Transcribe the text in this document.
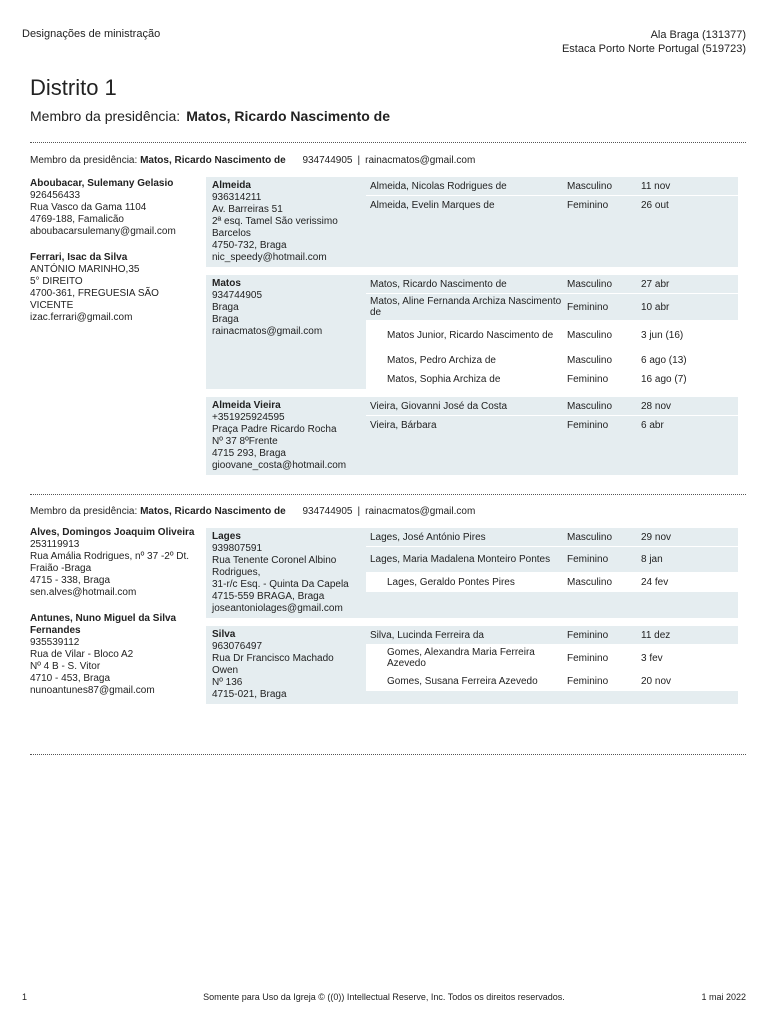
Designações de ministração	Ala Braga (131377)
Estaca Porto Norte Portugal (519723)
Distrito 1
Membro da presidência: Matos, Ricardo Nascimento de
Membro da presidência: Matos, Ricardo Nascimento de 934744905 | rainacmatos@gmail.com
Aboubacar, Sulemany Gelasio
926456433
Rua Vasco da Gama 1104
4769-188, Famalicão
aboubacarsulemany@gmail.com
Ferrari, Isac da Silva
ANTÓNIO MARINHO,35
5° DIREITO
4700-361, FREGUESIA SÃO
VICENTE
izac.ferrari@gmail.com
Almeida
936314211
Av. Barreiras 51
2ª esq. Tamel São verissimo
Barcelos
4750-732, Braga
nic_speedy@hotmail.com
Almeida, Nicolas Rodrigues de	Masculino	11 nov
Almeida, Evelin Marques de	Feminino	26 out
Matos
934744905
Braga
Braga
rainacmatos@gmail.com
Matos, Ricardo Nascimento de	Masculino	27 abr
Matos, Aline Fernanda Archiza Nascimento de	Feminino	10 abr
Matos Junior, Ricardo Nascimento de	Masculino	3 jun (16)
Matos, Pedro Archiza de	Masculino	6 ago (13)
Matos, Sophia Archiza de	Feminino	16 ago (7)
Almeida Vieira
+351925924595
Praça Padre Ricardo Rocha
Nº 37 8ºFrente
4715 293, Braga
gioovane_costa@hotmail.com
Vieira, Giovanni José da Costa	Masculino	28 nov
Vieira, Bárbara	Feminino	6 abr
Membro da presidência: Matos, Ricardo Nascimento de 934744905 | rainacmatos@gmail.com
Alves, Domingos Joaquim Oliveira
253119913
Rua Amália Rodrigues, nº 37 -2º Dt.
Fraião -Braga
4715 - 338, Braga
sen.alves@hotmail.com
Antunes, Nuno Miguel da Silva Fernandes
935539112
Rua de Vilar - Bloco A2
Nº 4 B - S. Vitor
4710 - 453, Braga
nunoantunes87@gmail.com
Lages
939807591
Rua Tenente Coronel Albino Rodrigues,
31-r/c Esq. - Quinta Da Capela
4715-559 BRAGA, Braga
joseantoniolages@gmail.com
Lages, José António Pires	Masculino	29 nov
Lages, Maria Madalena Monteiro Pontes	Feminino	8 jan
Lages, Geraldo Pontes Pires	Masculino	24 fev
Silva
963076497
Rua Dr Francisco Machado Owen
Nº 136
4715-021, Braga
Silva, Lucinda Ferreira da	Feminino	11 dez
Gomes, Alexandra Maria Ferreira Azevedo	Feminino	3 fev
Gomes, Susana Ferreira Azevedo	Feminino	20 nov
1	Somente para Uso da Igreja © ((0)) Intellectual Reserve, Inc. Todos os direitos reservados.	1 mai 2022
